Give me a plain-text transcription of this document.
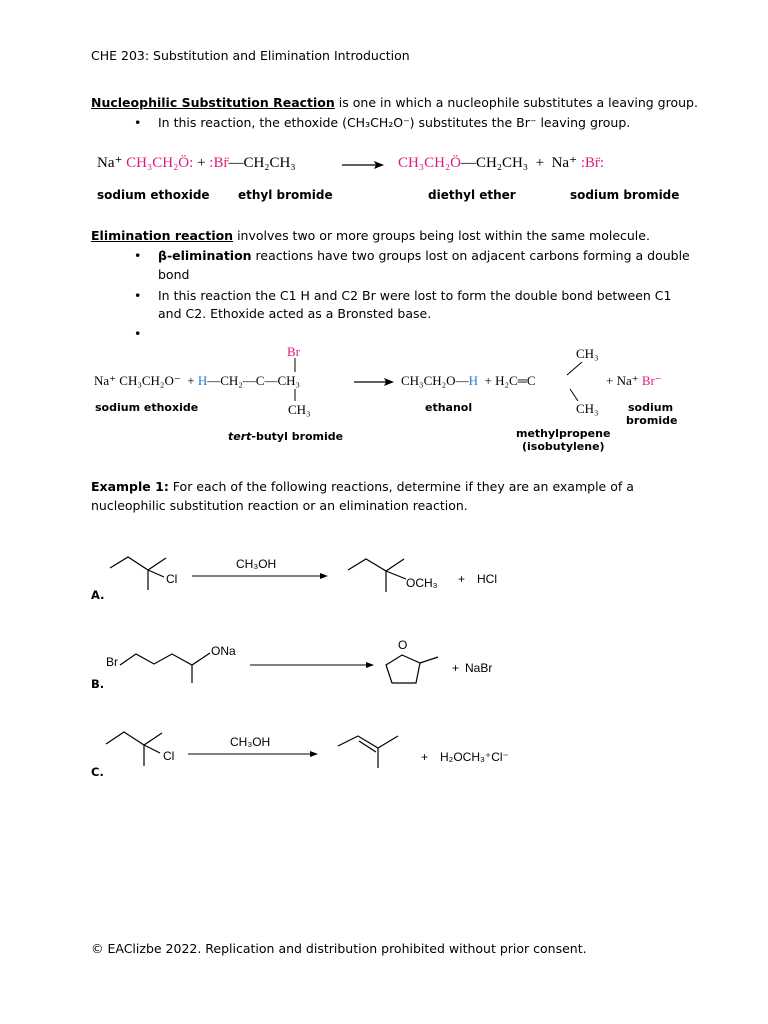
CHE 203: Substitution and Elimination Introduction
Nucleophilic Substitution Reaction is one in which a nucleophile substitutes a leaving group.
• In this reaction, the ethoxide (CH₃CH₂O⁻) substitutes the Br⁻ leaving group.
Na⁺ CH₃CH₂Ö: + :Br̈—CH₂CH₃	CH₃CH₂Ö—CH₂CH₃ + Na⁺ :Br̈:
sodium ethoxide ethyl bromide	diethyl ether	sodium bromide
Elimination reaction involves two or more groups being lost within the same molecule.
• β-elimination reactions have two groups lost on adjacent carbons forming a double
bond
• In this reaction the C1 H and C2 Br were lost to form the double bond between C1
and C2. Ethoxide acted as a Bronsted base.
Br
Na⁺ CH₃CH₂O⁻ + H—CH₂—C—CH₃
CH₃
CH₃CH₂O—H + H₂C═C
CH₃
CH₃
+ Na⁺ Br⁻
sodium ethoxide
tert-butyl bromide
ethanol
methylpropene
(isobutylene)
sodium
bromide
Example 1: For each of the following reactions, determine if they are an example of a
nucleophilic substitution reaction or an elimination reaction.
Cl
CH₃OH
OCH₃ + HCl
A.
Br
ONa	O
+ NaBr
B.
Cl
CH₃OH
+ H₂OCH₃⁺Cl⁻
C.
© EAClizbe 2022. Replication and distribution prohibited without prior consent.
